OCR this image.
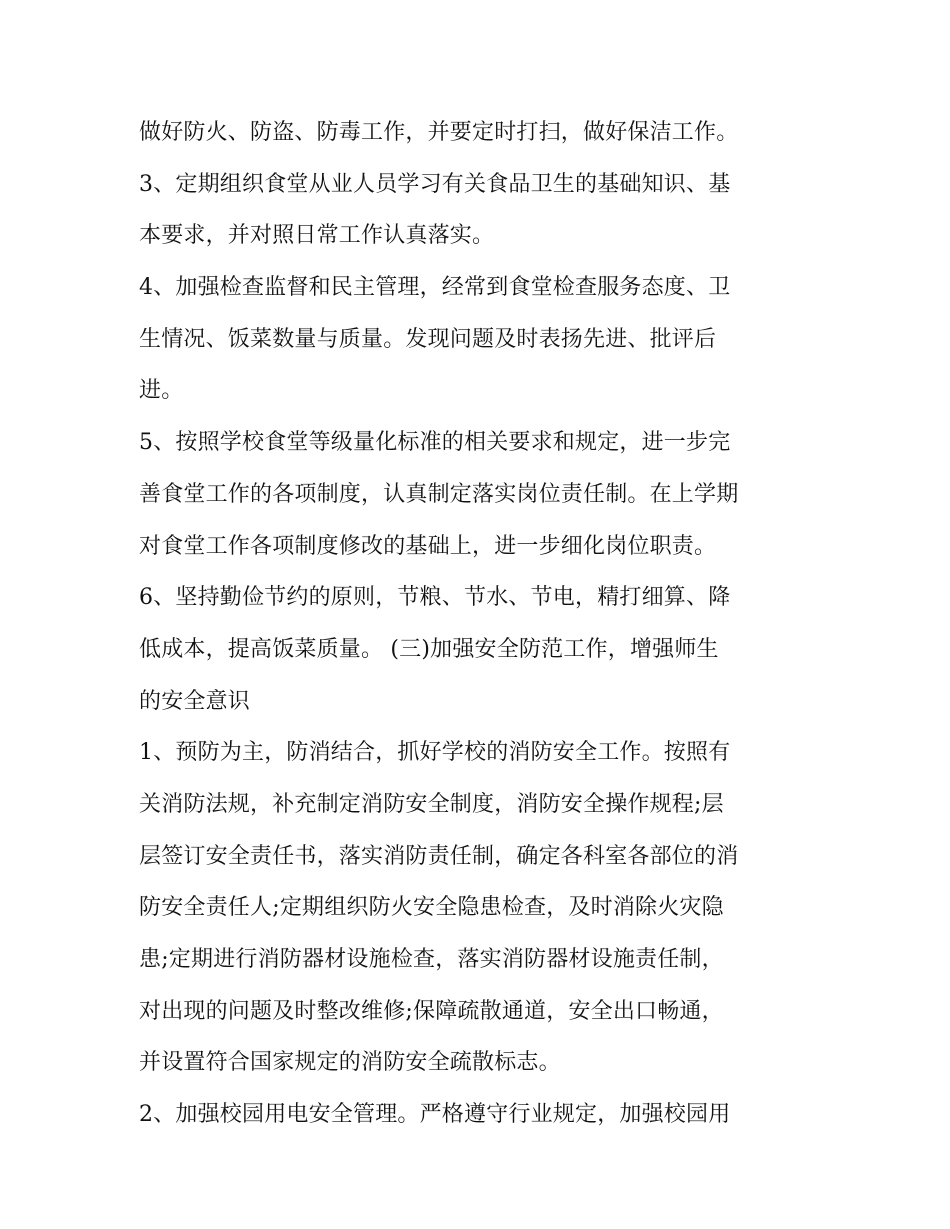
做好防火、防盗、防毒工作，并要定时打扫，做好保洁工作。
3、定期组织食堂从业人员学习有关食品卫生的基础知识、基
本要求，并对照日常工作认真落实。
4、加强检查监督和民主管理，经常到食堂检查服务态度、卫
生情况、饭菜数量与质量。发现问题及时表扬先进、批评后
进。
5、按照学校食堂等级量化标准的相关要求和规定，进一步完
善食堂工作的各项制度，认真制定落实岗位责任制。在上学期
对食堂工作各项制度修改的基础上，进一步细化岗位职责。
6、坚持勤俭节约的原则，节粮、节水、节电，精打细算、降
低成本，提高饭菜质量。 (三)加强安全防范工作，增强师生
的安全意识
1、预防为主，防消结合，抓好学校的消防安全工作。按照有
关消防法规，补充制定消防安全制度，消防安全操作规程;层
层签订安全责任书，落实消防责任制，确定各科室各部位的消
防安全责任人;定期组织防火安全隐患检查，及时消除火灾隐
患;定期进行消防器材设施检查，落实消防器材设施责任制，
对出现的问题及时整改维修;保障疏散通道，安全出口畅通，
并设置符合国家规定的消防安全疏散标志。
2、加强校园用电安全管理。严格遵守行业规定，加强校园用
